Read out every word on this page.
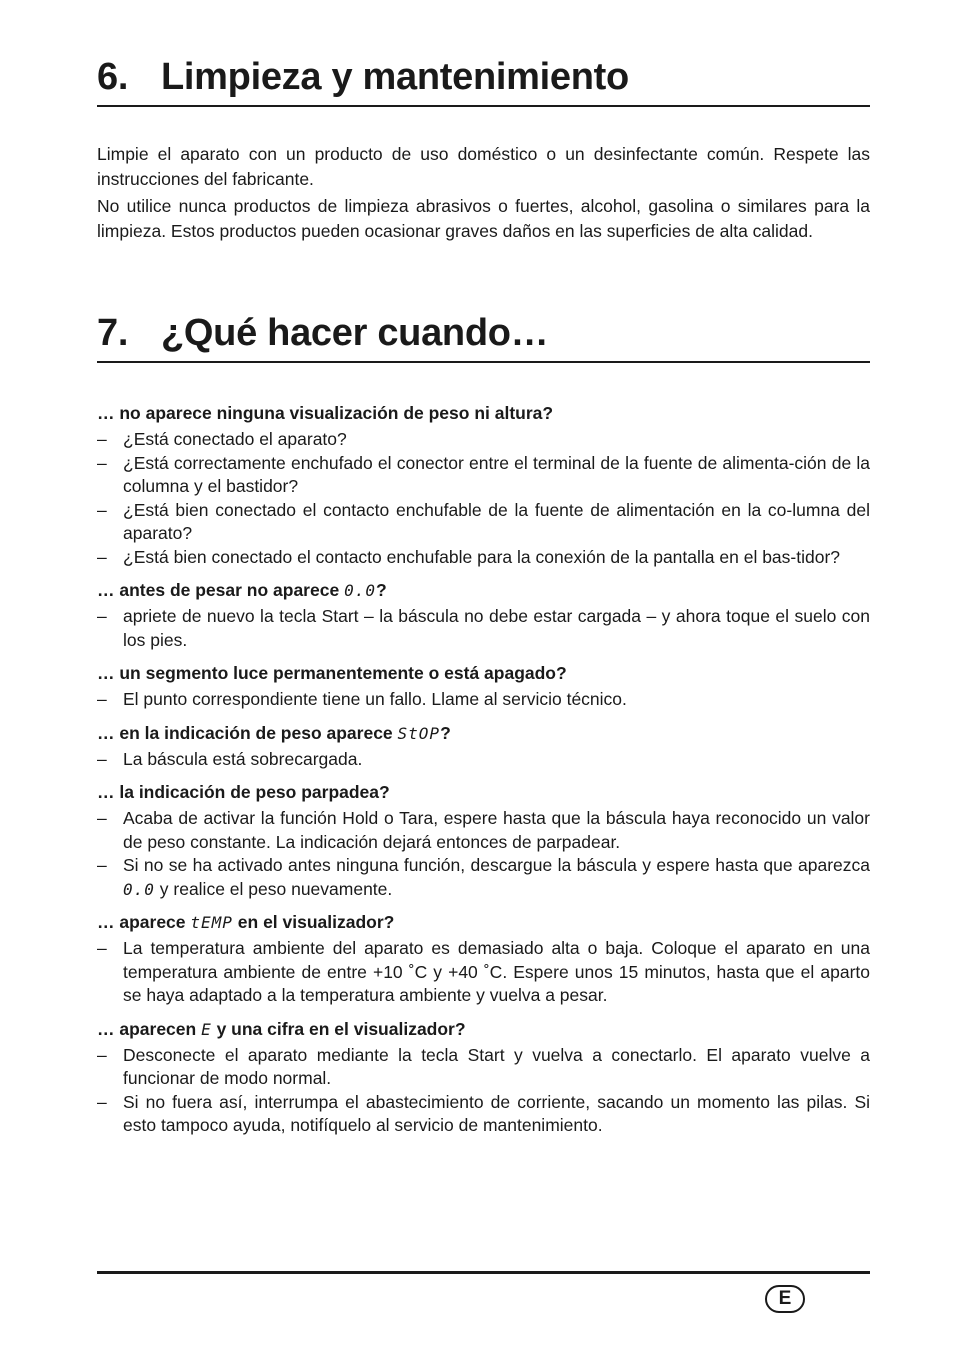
6. Limpieza y mantenimiento

Limpie el aparato con un producto de uso doméstico o un desinfectante común. Respete las instrucciones del fabricante.

No utilice nunca productos de limpieza abrasivos o fuertes, alcohol, gasolina o similares para la limpieza. Estos productos pueden ocasionar graves daños en las superficies de alta calidad.

7. ¿Qué hacer cuando…
… no aparece ninguna visualización de peso ni altura?
– ¿Está conectado el aparato?
– ¿Está correctamente enchufado el conector entre el terminal de la fuente de alimenta-ción de la columna y el bastidor?
– ¿Está bien conectado el contacto enchufable de la fuente de alimentación en la co-lumna del aparato?
– ¿Está bien conectado el contacto enchufable para la conexión de la pantalla en el bas-tidor?
… antes de pesar no aparece 0.0?
– apriete de nuevo la tecla Start – la báscula no debe estar cargada – y ahora toque el suelo con los pies.
… un segmento luce permanentemente o está apagado?
– El punto correspondiente tiene un fallo. Llame al servicio técnico.
… en la indicación de peso aparece StOP?
– La báscula está sobrecargada.
… la indicación de peso parpadea?
– Acaba de activar la función Hold o Tara, espere hasta que la báscula haya reconocido un valor de peso constante. La indicación dejará entonces de parpadear.
– Si no se ha activado antes ninguna función, descargue la báscula y espere hasta que aparezca 0.0 y realice el peso nuevamente.
… aparece tEMP en el visualizador?
– La temperatura ambiente del aparato es demasiado alta o baja. Coloque el aparato en una temperatura ambiente de entre +10 ˚C y +40 ˚C. Espere unos 15 minutos, hasta que el aparto se haya adaptado a la temperatura ambiente y vuelva a pesar.
… aparecen E y una cifra en el visualizador?
– Desconecte el aparato mediante la tecla Start y vuelva a conectarlo. El aparato vuelve a funcionar de modo normal.
– Si no fuera así, interrumpa el abastecimiento de corriente, sacando un momento las pilas. Si esto tampoco ayuda, notifíquelo al servicio de mantenimiento.
E
